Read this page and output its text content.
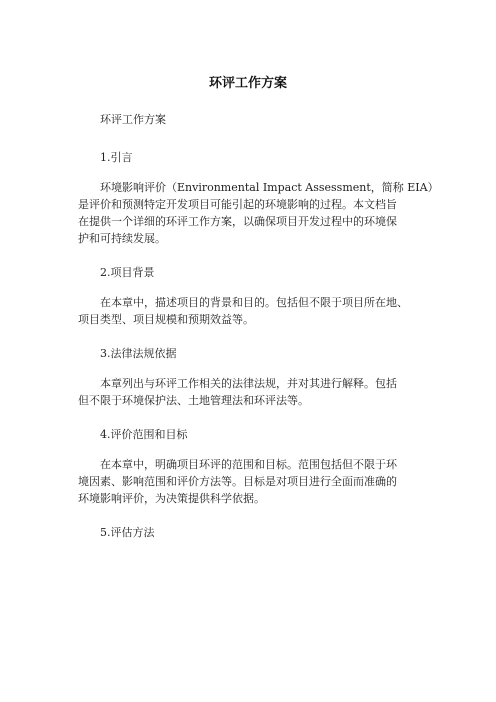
环评工作方案
环评工作方案
1.引言
环境影响评价（Environmental Impact Assessment，简称 EIA）
是评价和预测特定开发项目可能引起的环境影响的过程。本文档旨
在提供一个详细的环评工作方案，以确保项目开发过程中的环境保
护和可持续发展。
2.项目背景
在本章中，描述项目的背景和目的。包括但不限于项目所在地、
项目类型、项目规模和预期效益等。
3.法律法规依据
本章列出与环评工作相关的法律法规，并对其进行解释。包括
但不限于环境保护法、土地管理法和环评法等。
4.评价范围和目标
在本章中，明确项目环评的范围和目标。范围包括但不限于环
境因素、影响范围和评价方法等。目标是对项目进行全面而准确的
环境影响评价，为决策提供科学依据。
5.评估方法
